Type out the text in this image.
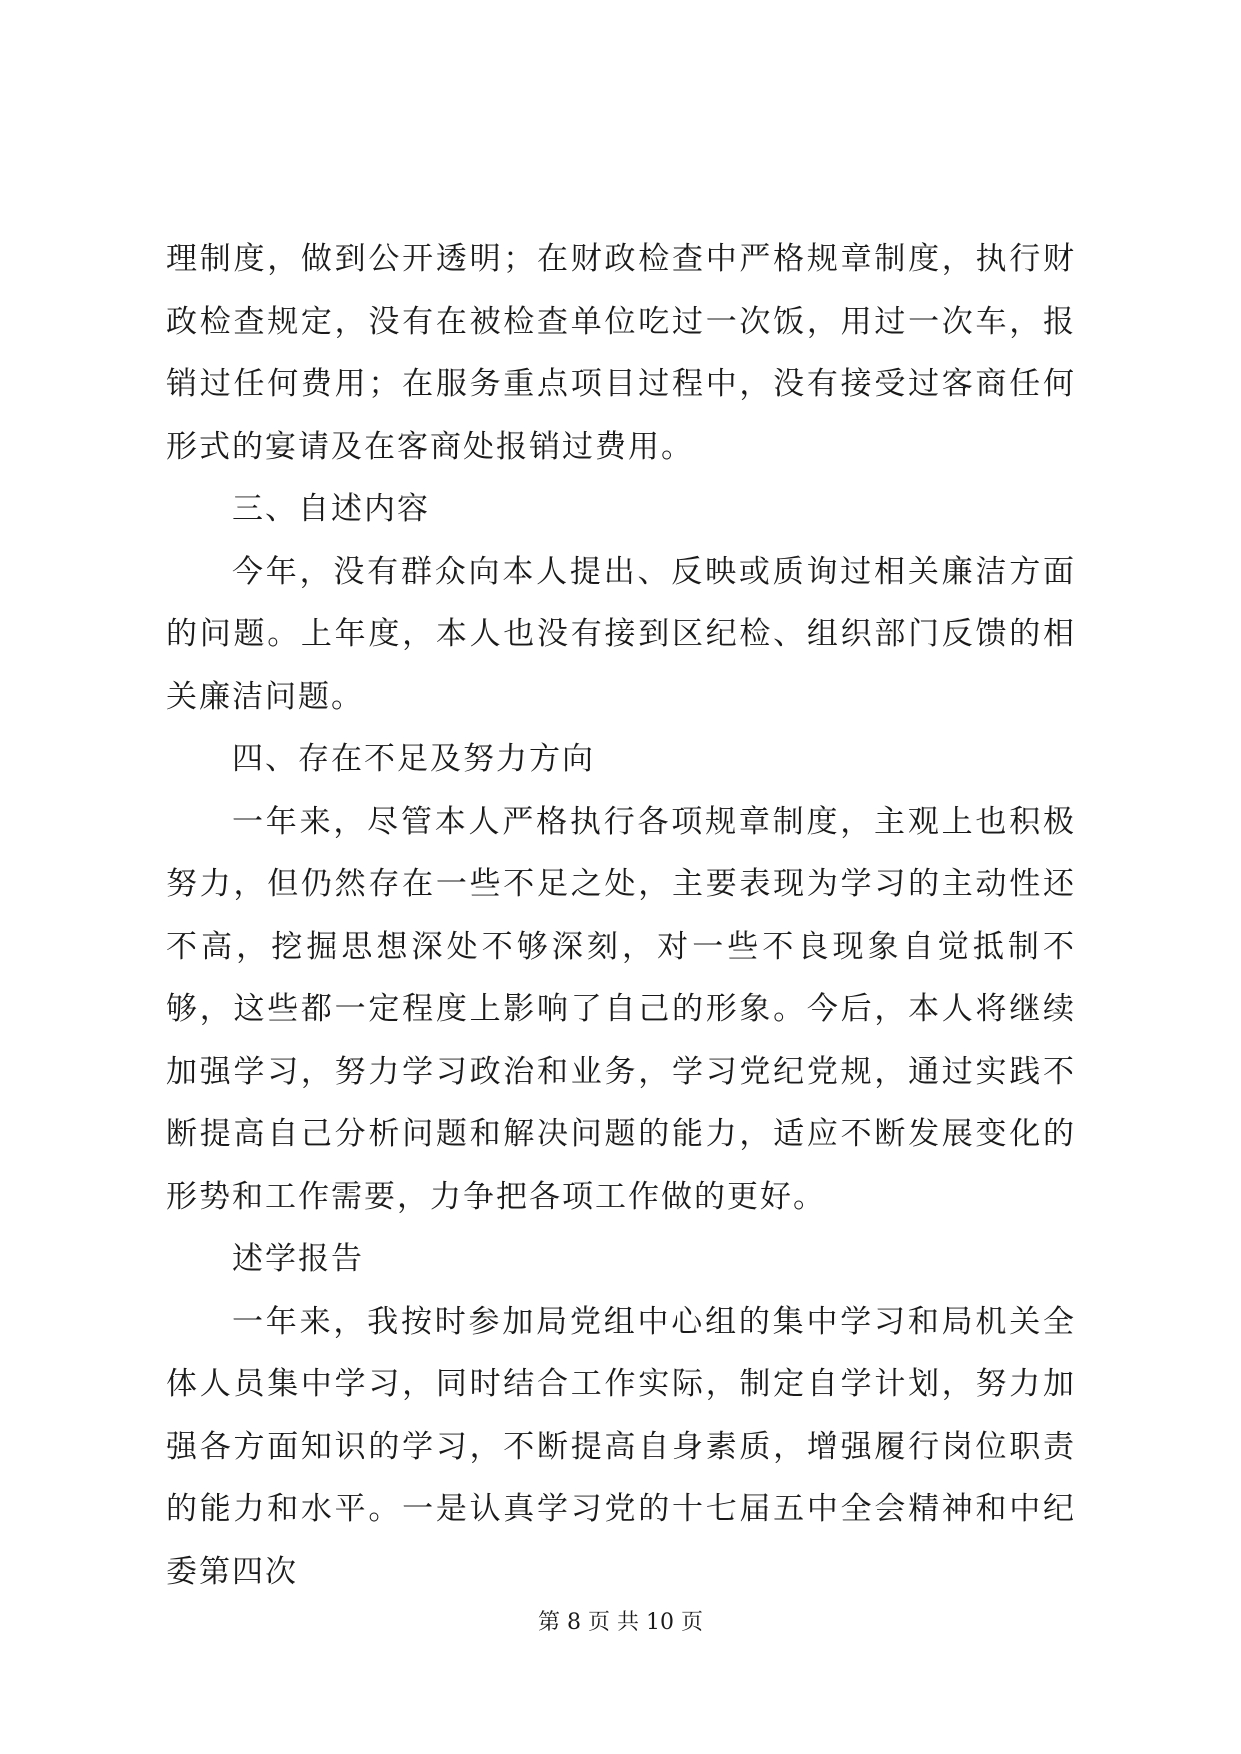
理制度，做到公开透明；在财政检查中严格规章制度，执行财政检查规定，没有在被检查单位吃过一次饭，用过一次车，报销过任何费用；在服务重点项目过程中，没有接受过客商任何形式的宴请及在客商处报销过费用。

三、自述内容

今年，没有群众向本人提出、反映或质询过相关廉洁方面的问题。上年度，本人也没有接到区纪检、组织部门反馈的相关廉洁问题。

四、存在不足及努力方向

一年来，尽管本人严格执行各项规章制度，主观上也积极努力，但仍然存在一些不足之处，主要表现为学习的主动性还不高，挖掘思想深处不够深刻，对一些不良现象自觉抵制不够，这些都一定程度上影响了自己的形象。今后，本人将继续加强学习，努力学习政治和业务，学习党纪党规，通过实践不断提高自己分析问题和解决问题的能力，适应不断发展变化的形势和工作需要，力争把各项工作做的更好。

述学报告

一年来，我按时参加局党组中心组的集中学习和局机关全体人员集中学习，同时结合工作实际，制定自学计划，努力加强各方面知识的学习，不断提高自身素质，增强履行岗位职责的能力和水平。一是认真学习党的十七届五中全会精神和中纪委第四次

第 8 页 共 10 页
